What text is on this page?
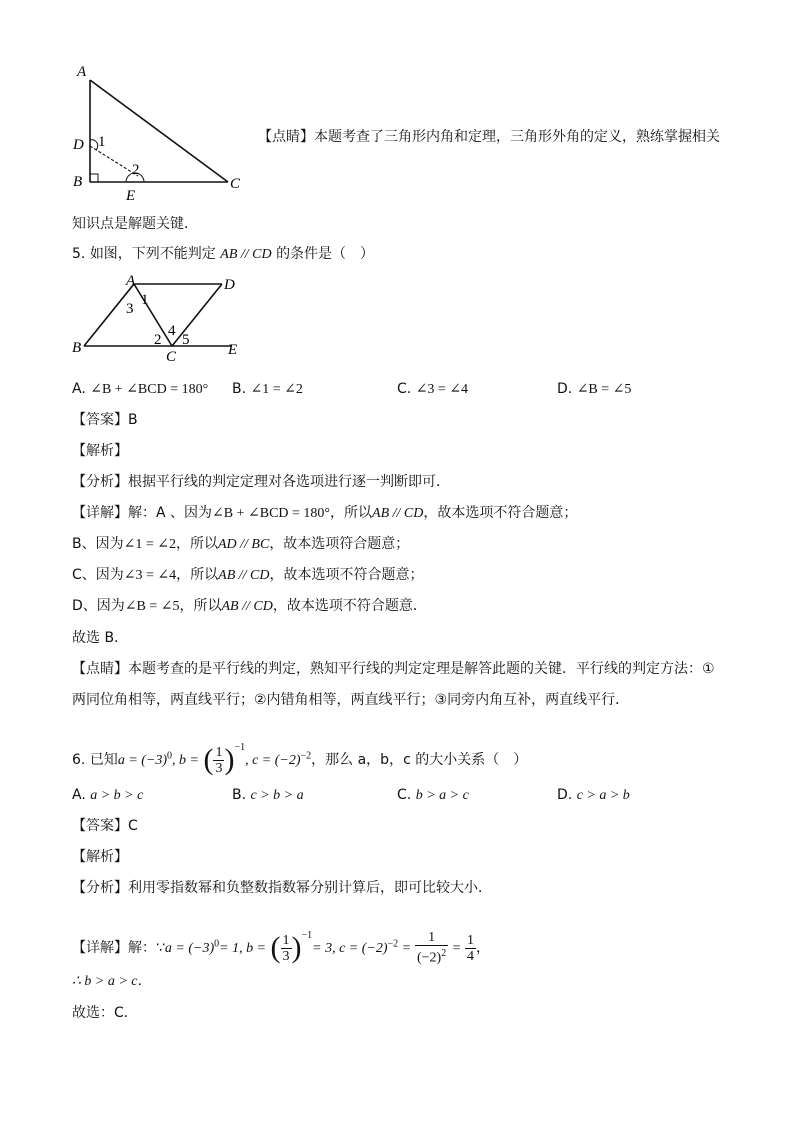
A
D 1
B
2
E
C
【点睛】本题考查了三角形内角和定理，三角形外角的定义，熟练掌握相关
知识点是解题关键．
5. 如图，下列不能判定 AB // CD 的条件是（　）
A	D
1
3
4
2 5
B
C	E
A. ∠B + ∠BCD = 180° B. ∠1 = ∠2	C. ∠3 = ∠4	D. ∠B = ∠5
【答案】B
【解析】
【分析】根据平行线的判定定理对各选项进行逐一判断即可．
【详解】解：A 、因为∠B + ∠BCD = 180°，所以AB // CD，故本选项不符合题意；
B、因为∠1 = ∠2，所以AD // BC，故本选项符合题意；
C、因为∠3 = ∠4，所以AB // CD，故本选项不符合题意；
D、因为∠B = ∠5，所以AB // CD，故本选项不符合题意．
故选 B．
【点睛】本题考查的是平行线的判定，熟知平行线的判定定理是解答此题的关键．平行线的判定方法：①
两同位角相等，两直线平行；②内错角相等，两直线平行；③同旁内角互补，两直线平行．
6. 已知$a = (-3)^0$, b = ( $\frac{1}{3} )^{-1}$, $c = (-2)^{-2}$，那么 a，b，c 的大小关系（　）
A. a > b > c	B. c > b > a	C. b > a > c	D. c > a > b
【答案】C
【解析】
【分析】利用零指数幂和负整数指数幂分别计算后，即可比较大小．
【详解】解：∵a = $(-3)^0= 1$, b = ( $\frac{1}{3} )^{-1}= 3$, $c = (-2)^{-2} = \frac{1}{(-2)^2} = \frac{1}{4}$ ，
∴ b > a > c．
故选：C．
